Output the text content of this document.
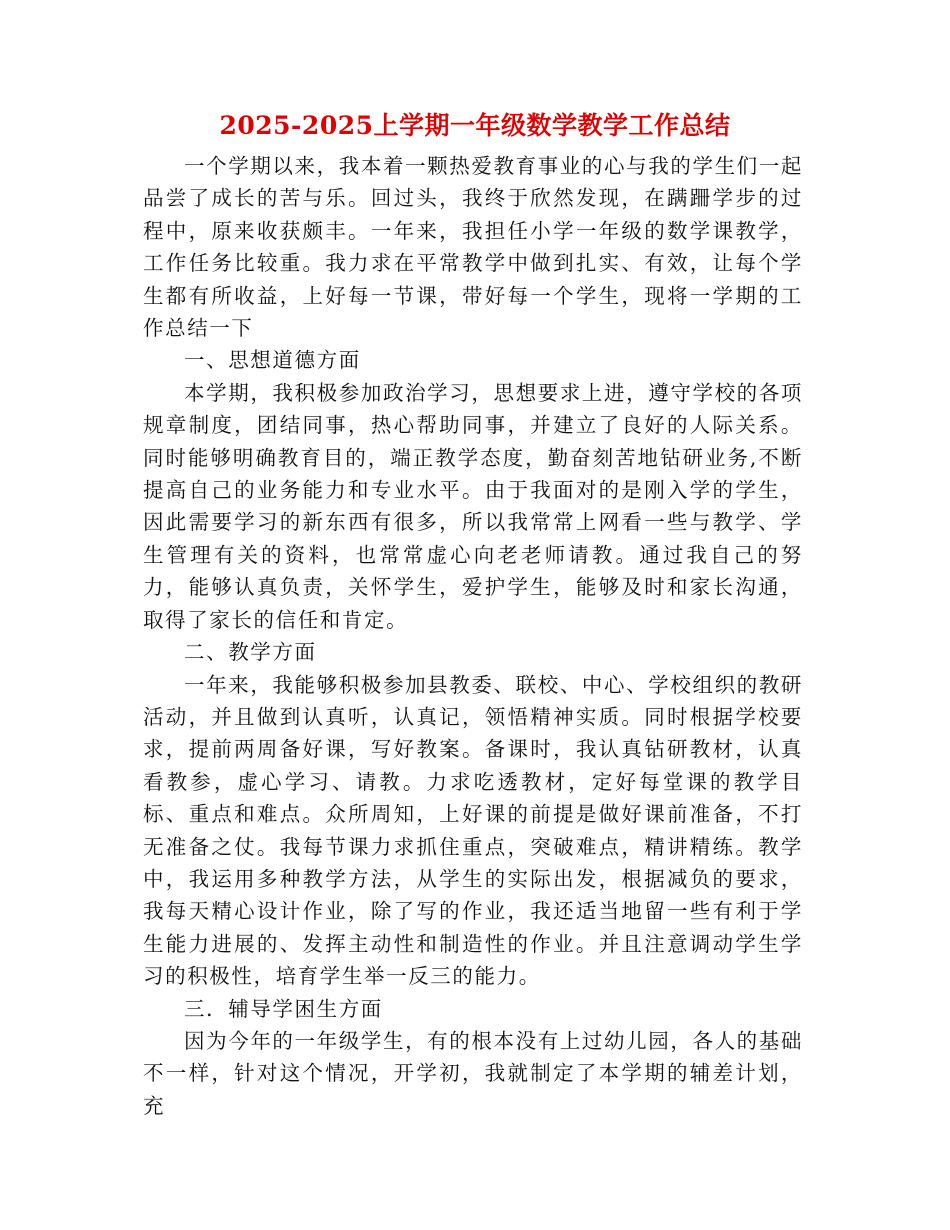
2025-2025上学期一年级数学教学工作总结

一个学期以来，我本着一颗热爱教育事业的心与我的学生们一起品尝了成长的苦与乐。回过头，我终于欣然发现，在蹒跚学步的过程中，原来收获颇丰。一年来，我担任小学一年级的数学课教学，工作任务比较重。我力求在平常教学中做到扎实、有效，让每个学生都有所收益，上好每一节课，带好每一个学生，现将一学期的工作总结一下

一、思想道德方面

本学期，我积极参加政治学习，思想要求上进，遵守学校的各项规章制度，团结同事，热心帮助同事，并建立了良好的人际关系。同时能够明确教育目的，端正教学态度，勤奋刻苦地钻研业务,不断提高自己的业务能力和专业水平。由于我面对的是刚入学的学生，因此需要学习的新东西有很多，所以我常常上网看一些与教学、学生管理有关的资料，也常常虚心向老老师请教。通过我自己的努力，能够认真负责，关怀学生，爱护学生，能够及时和家长沟通，取得了家长的信任和肯定。

二、教学方面

一年来，我能够积极参加县教委、联校、中心、学校组织的教研活动，并且做到认真听，认真记，领悟精神实质。同时根据学校要求，提前两周备好课，写好教案。备课时，我认真钻研教材，认真看教参，虚心学习、请教。力求吃透教材，定好每堂课的教学目标、重点和难点。众所周知，上好课的前提是做好课前准备，不打无准备之仗。我每节课力求抓住重点，突破难点，精讲精练。教学中，我运用多种教学方法，从学生的实际出发，根据减负的要求，我每天精心设计作业，除了写的作业，我还适当地留一些有利于学生能力进展的、发挥主动性和制造性的作业。并且注意调动学生学习的积极性，培育学生举一反三的能力。

三．辅导学困生方面

因为今年的一年级学生，有的根本没有上过幼儿园，各人的基础不一样，针对这个情况，开学初，我就制定了本学期的辅差计划，充
